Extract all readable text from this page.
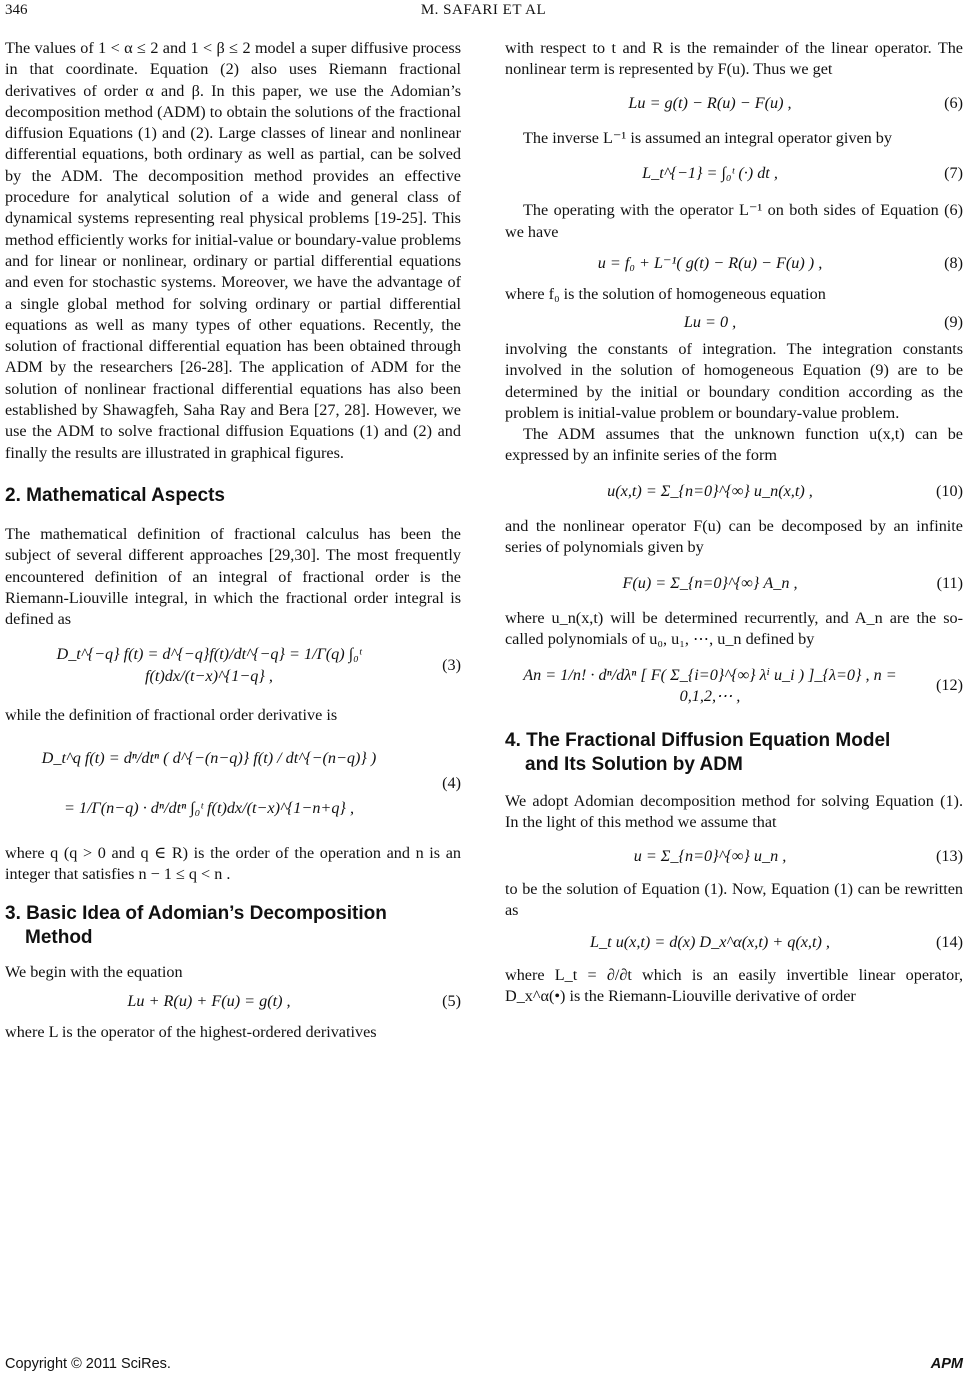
346	M. SAFARI ET AL

The values of 1 < α ≤ 2 and 1 < β ≤ 2 model a super diffusive process in that coordinate. Equation (2) also uses Riemann fractional derivatives of order α and β. In this paper, we use the Adomian’s decomposition method (ADM) to obtain the solutions of the fractional diffusion Equations (1) and (2). Large classes of linear and nonlinear differential equations, both ordinary as well as partial, can be solved by the ADM. The decomposition method provides an effective procedure for analytical solution of a wide and general class of dynamical systems representing real physical problems [19-25]. This method efficiently works for initial-value or boundary-value problems and for linear or nonlinear, ordinary or partial differential equations and even for stochastic systems. Moreover, we have the advantage of a single global method for solving ordinary or partial differential equations as well as many types of other equations. Recently, the solution of fractional differential equation has been obtained through ADM by the researchers [26-28]. The application of ADM for the solution of nonlinear fractional differential equations has also been established by Shawagfeh, Saha Ray and Bera [27, 28]. However, we use the ADM to solve fractional diffusion Equations (1) and (2) and finally the results are illustrated in graphical figures.

2. Mathematical Aspects

The mathematical definition of fractional calculus has been the subject of several different approaches [29,30]. The most frequently encountered definition of an integral of fractional order is the Riemann-Liouville integral, in which the fractional order integral is defined as

D_t^{−q} f(t) = d^{−q}f(t)/dt^{−q} = 1/Γ(q) ∫₀ᵗ f(t)dx/(t−x)^{1−q} ,
(3)

while the definition of fractional order derivative is

D_t^q f(t) = dⁿ/dtⁿ ( d^{−(n−q)} f(t) / dt^{−(n−q)} )
= 1/Γ(n−q) · dⁿ/dtⁿ ∫₀ᵗ f(t)dx/(t−x)^{1−n+q} ,
(4)

where q (q > 0 and q ∈ R) is the order of the operation and n is an integer that satisfies n − 1 ≤ q < n .

3. Basic Idea of Adomian’s Decomposition
Method

We begin with the equation

Lu + R(u) + F(u) = g(t) ,	(5)

where L is the operator of the highest-ordered derivatives

with respect to t and R is the remainder of the linear operator. The nonlinear term is represented by F(u). Thus we get

Lu = g(t) − R(u) − F(u) ,	(6)

The inverse L⁻¹ is assumed an integral operator given by

L_t^{−1} = ∫₀ᵗ (·) dt ,	(7)

The operating with the operator L⁻¹ on both sides of Equation (6) we have

u = f₀ + L⁻¹( g(t) − R(u) − F(u) ) ,	(8)

where f₀ is the solution of homogeneous equation

Lu = 0 ,	(9)

involving the constants of integration. The integration constants involved in the solution of homogeneous Equation (9) are to be determined by the initial or boundary condition according as the problem is initial-value problem or boundary-value problem.

The ADM assumes that the unknown function u(x,t) can be expressed by an infinite series of the form

u(x,t) = Σ_{n=0}^{∞} u_n(x,t) ,	(10)

and the nonlinear operator F(u) can be decomposed by an infinite series of polynomials given by

F(u) = Σ_{n=0}^{∞} A_n ,	(11)

where u_n(x,t) will be determined recurrently, and A_n are the so-called polynomials of u₀, u₁, ⋯, u_n defined by

An = 1/n! · dⁿ/dλⁿ [ F( Σ_{i=0}^{∞} λⁱ u_i ) ]_{λ=0} , n = 0,1,2,⋯ ,
(12)
4. The Fractional Diffusion Equation Model
and Its Solution by ADM

We adopt Adomian decomposition method for solving Equation (1). In the light of this method we assume that

u = Σ_{n=0}^{∞} u_n ,	(13)

to be the solution of Equation (1). Now, Equation (1) can be rewritten as

L_t u(x,t) = d(x) D_x^α(x,t) + q(x,t) ,	(14)

where L_t = ∂/∂t which is an easily invertible linear operator, D_x^α(•) is the Riemann-Liouville derivative of order

Copyright © 2011 SciRes.	APM
